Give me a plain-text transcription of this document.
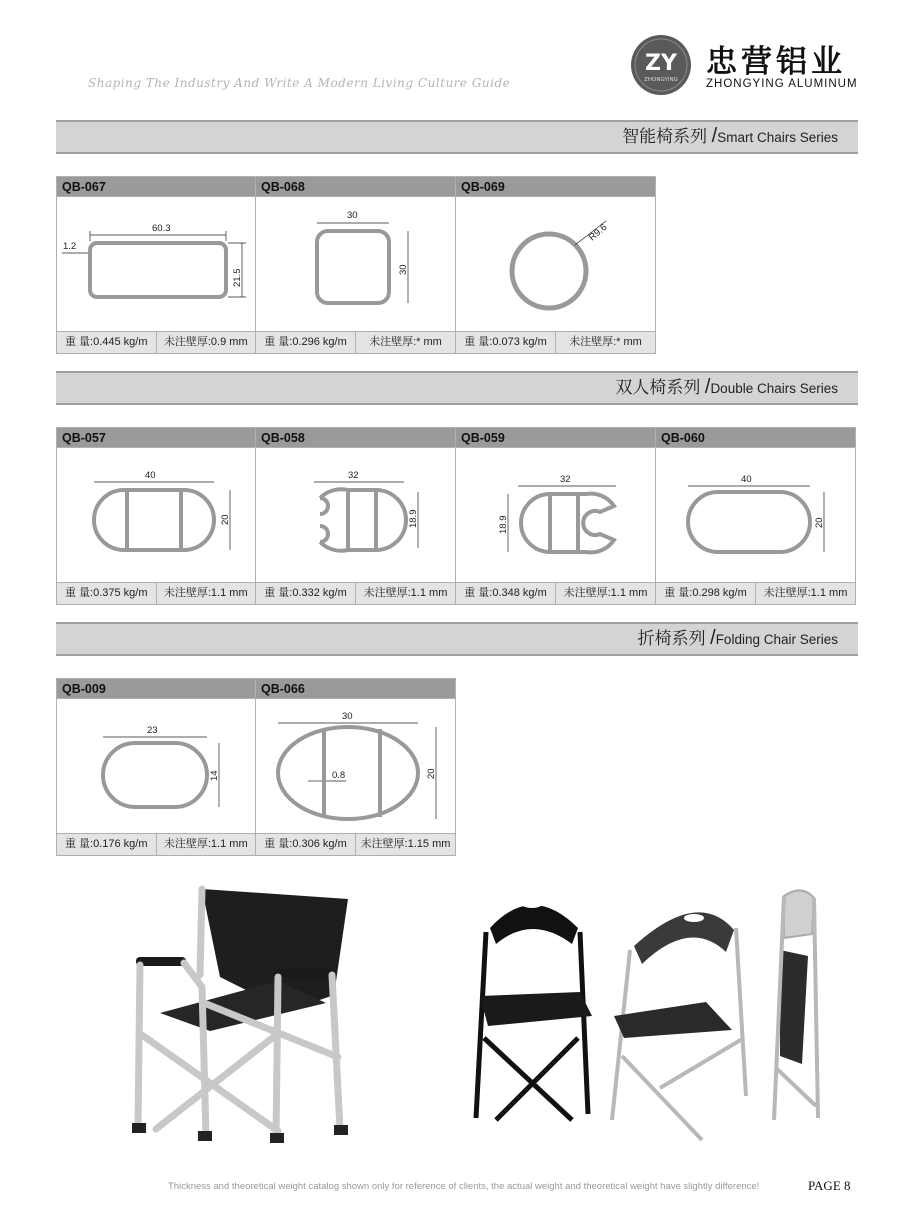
Shaping The Industry And Write A Modern Living Culture Guide
ZY
ZHONGYING 忠营铝业
ZHONGYING ALUMINUM
智能椅系列 /Smart Chairs Series
QB-067
60.3
1.2
21.5
重 量:0.445 kg/m	未注壁厚:0.9 mm
QB-068
30
30
重 量:0.296 kg/m	未注壁厚:* mm
QB-069
R9.6
重 量:0.073 kg/m	未注壁厚:* mm
双人椅系列 /Double Chairs Series
QB-057
40
20
重 量:0.375 kg/m	未注壁厚:1.1 mm
QB-058
32
18.9
重 量:0.332 kg/m	未注壁厚:1.1 mm
QB-059
32
18.9
重 量:0.348 kg/m	未注壁厚:1.1 mm
QB-060
40
20
重 量:0.298 kg/m	未注壁厚:1.1 mm
折椅系列 /Folding Chair Series
QB-009
23
14
重 量:0.176 kg/m	未注壁厚:1.1 mm
QB-066
30
0.8	20
重 量:0.306 kg/m	未注壁厚:1.15 mm
Thickness and theoretical weight catalog shown only for reference of clients, the actual weight and theoretical weight have slightly difference!	PAGE 8
